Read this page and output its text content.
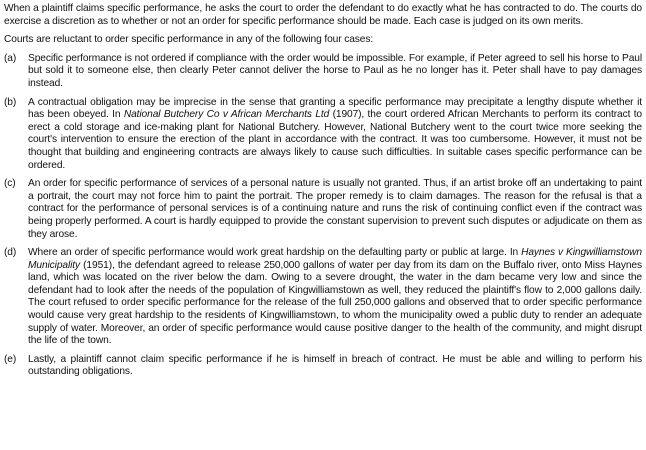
When a plaintiff claims specific performance, he asks the court to order the defendant to do exactly what he has contracted to do. The courts do exercise a discretion as to whether or not an order for specific performance should be made. Each case is judged on its own merits.

Courts are reluctant to order specific performance in any of the following four cases:

(a)	Specific performance is not ordered if compliance with the order would be impossible. For example, if Peter agreed to sell his horse to Paul but sold it to someone else, then clearly Peter cannot deliver the horse to Paul as he no longer has it. Peter shall have to pay damages instead.
(b)	A contractual obligation may be imprecise in the sense that granting a specific performance may precipitate a lengthy dispute whether it has been obeyed. In National Butchery Co v African Merchants Ltd (1907), the court ordered African Merchants to perform its contract to erect a cold storage and ice-making plant for National Butchery. However, National Butchery went to the court twice more seeking the court's intervention to ensure the erection of the plant in accordance with the contract. It was too cumbersome. However, it must not be thought that building and engineering contracts are always likely to cause such difficulties. In suitable cases specific performance can be ordered.
(c)	An order for specific performance of services of a personal nature is usually not granted. Thus, if an artist broke off an undertaking to paint a portrait, the court may not force him to paint the portrait. The proper remedy is to claim damages. The reason for the refusal is that a contract for the performance of personal services is of a continuing nature and runs the risk of continuing conflict even if the contract was being properly performed. A court is hardly equipped to provide the constant supervision to prevent such disputes or adjudicate on them as they arose.
(d)	Where an order of specific performance would work great hardship on the defaulting party or public at large. In Haynes v Kingwilliamstown Municipality (1951), the defendant agreed to release 250,000 gallons of water per day from its dam on the Buffalo river, onto Miss Haynes land, which was located on the river below the dam. Owing to a severe drought, the water in the dam became very low and since the defendant had to look after the needs of the population of Kingwilliamstown as well, they reduced the plaintiff's flow to 2,000 gallons daily. The court refused to order specific performance for the release of the full 250,000 gallons and observed that to order specific performance would cause very great hardship to the residents of Kingwilliamstown, to whom the municipality owed a public duty to render an adequate supply of water. Moreover, an order of specific performance would cause positive danger to the health of the community, and might disrupt the life of the town.
(e)	Lastly, a plaintiff cannot claim specific performance if he is himself in breach of contract. He must be able and willing to perform his outstanding obligations.
